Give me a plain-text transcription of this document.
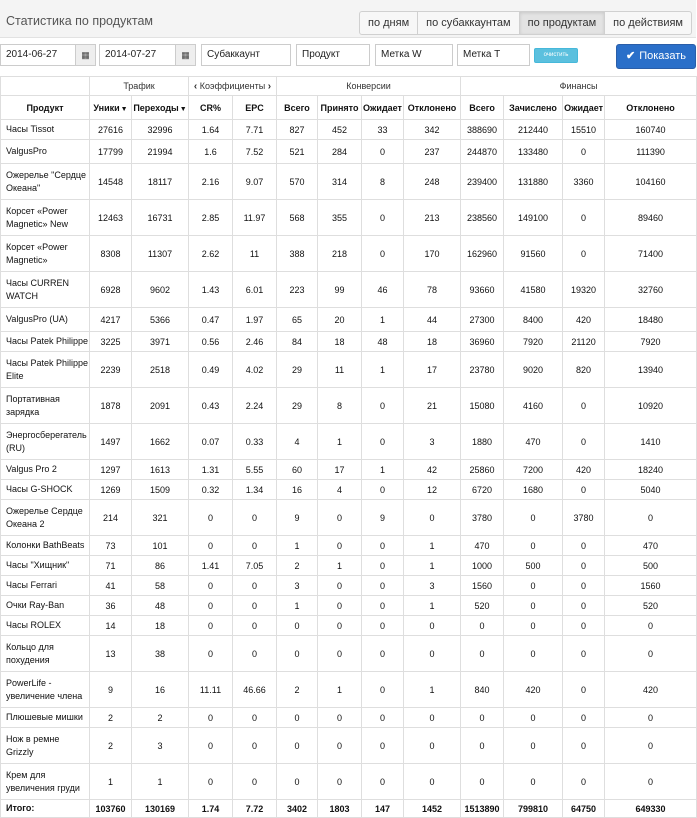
Статистика по продуктам	по дням	по субаккаунтам	по продуктам	по действиям
2014-06-27	▦	2014-07-27	▦	Субаккаунт	Продукт	Метка W	Метка T	очистить	✔ Показать
	Трафик		‹ Коэффициенты ›		Конверсии				Финансы			
Продукт	Уники▼	Переходы▼	CR%	EPC	Всего	Принято	Ожидает	Отклонено	Всего	Зачислено	Ожидает	Отклонено
Часы Tissot	27616	32996	1.64	7.71	827	452	33	342	388690	212440	15510	160740
ValgusPro	17799	21994	1.6	7.52	521	284	0	237	244870	133480	0	111390
Ожерелье "Сердце Океана"	14548	18117	2.16	9.07	570	314	8	248	239400	131880	3360	104160
Корсет «Power Magnetic» New	12463	16731	2.85	11.97	568	355	0	213	238560	149100	0	89460
Корсет «Power Magnetic»	8308	11307	2.62	11	388	218	0	170	162960	91560	0	71400
Часы CURREN WATCH	6928	9602	1.43	6.01	223	99	46	78	93660	41580	19320	32760
ValgusPro (UA)	4217	5366	0.47	1.97	65	20	1	44	27300	8400	420	18480
Часы Patek Philippe	3225	3971	0.56	2.46	84	18	48	18	36960	7920	21120	7920
Часы Patek Philippe Elite	2239	2518	0.49	4.02	29	11	1	17	23780	9020	820	13940
Портативная зарядка	1878	2091	0.43	2.24	29	8	0	21	15080	4160	0	10920
Энергосберегатель (RU)	1497	1662	0.07	0.33	4	1	0	3	1880	470	0	1410
Valgus Pro 2	1297	1613	1.31	5.55	60	17	1	42	25860	7200	420	18240
Часы G-SHOCK	1269	1509	0.32	1.34	16	4	0	12	6720	1680	0	5040
Ожерелье Сердце Океана 2	214	321	0	0	9	0	9	0	3780	0	3780	0
Колонки BathBeats	73	101	0	0	1	0	0	1	470	0	0	470
Часы "Хищник"	71	86	1.41	7.05	2	1	0	1	1000	500	0	500
Часы Ferrari	41	58	0	0	3	0	0	3	1560	0	0	1560
Очки Ray-Ban	36	48	0	0	1	0	0	1	520	0	0	520
Часы ROLEX	14	18	0	0	0	0	0	0	0	0	0	0
Кольцо для похудения	13	38	0	0	0	0	0	0	0	0	0	0
PowerLife - увеличение члена	9	16	11.11	46.66	2	1	0	1	840	420	0	420
Плюшевые мишки	2	2	0	0	0	0	0	0	0	0	0	0
Нож в ремне Grizzly	2	3	0	0	0	0	0	0	0	0	0	0
Крем для увеличения груди	1	1	0	0	0	0	0	0	0	0	0	0
Итого:	103760	130169	1.74	7.72	3402	1803	147	1452	1513890	799810	64750	649330
